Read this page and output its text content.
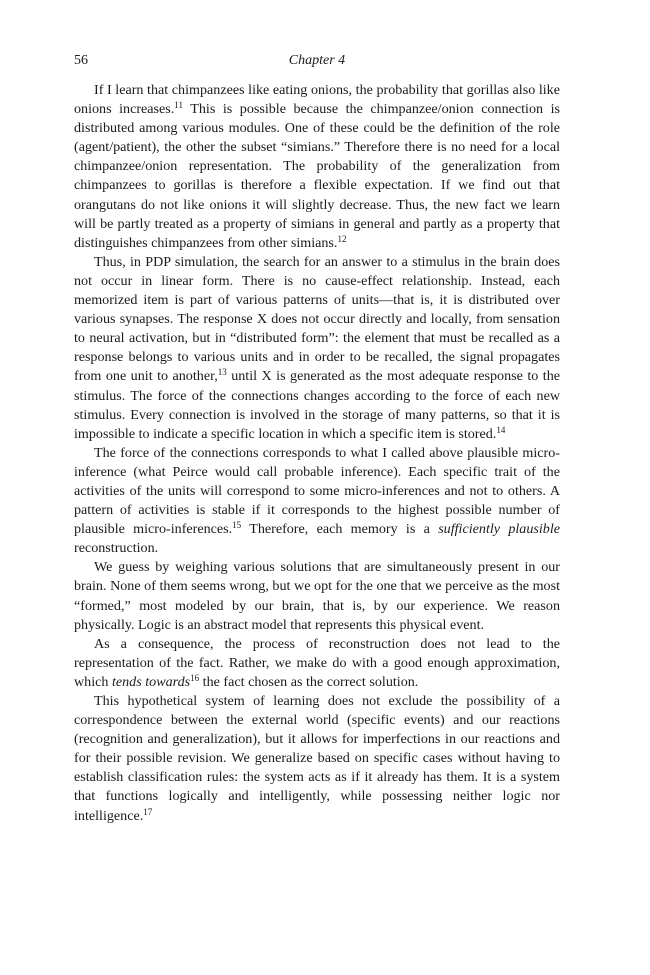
56	Chapter 4

If I learn that chimpanzees like eating onions, the probability that gorillas also like onions increases.$^{11}$ This is possible because the chimpanzee/onion connection is distributed among various modules. One of these could be the definition of the role (agent/patient), the other the subset “simians.” Therefore there is no need for a local chimpanzee/onion representation. The probability of the generalization from chimpanzees to gorillas is therefore a flexible expectation. If we find out that orangutans do not like onions it will slightly decrease. Thus, the new fact we learn will be partly treated as a property of simians in general and partly as a property that distinguishes chimpanzees from other simians.$^{12}$

Thus, in PDP simulation, the search for an answer to a stimulus in the brain does not occur in linear form. There is no cause-effect relationship. Instead, each memorized item is part of various patterns of units—that is, it is distributed over various synapses. The response X does not occur directly and locally, from sensation to neural activation, but in “distributed form”: the element that must be recalled as a response belongs to various units and in order to be recalled, the signal propagates from one unit to another,$^{13}$ until X is generated as the most adequate response to the stimulus. The force of the connections changes according to the force of each new stimulus. Every connection is involved in the storage of many patterns, so that it is impossible to indicate a specific location in which a specific item is stored.$^{14}$

The force of the connections corresponds to what I called above plausible micro-inference (what Peirce would call probable inference). Each specific trait of the activities of the units will correspond to some micro-inferences and not to others. A pattern of activities is stable if it corresponds to the highest possible number of plausible micro-inferences.$^{15}$ Therefore, each memory is a sufficiently plausible reconstruction.

We guess by weighing various solutions that are simultaneously present in our brain. None of them seems wrong, but we opt for the one that we perceive as the most “formed,” most modeled by our brain, that is, by our experience. We reason physically. Logic is an abstract model that represents this physical event.

As a consequence, the process of reconstruction does not lead to the representation of the fact. Rather, we make do with a good enough approximation, which tends towards$^{16}$ the fact chosen as the correct solution.

This hypothetical system of learning does not exclude the possibility of a correspondence between the external world (specific events) and our reactions (recognition and generalization), but it allows for imperfections in our reactions and for their possible revision. We generalize based on specific cases without having to establish classification rules: the system acts as if it already has them. It is a system that functions logically and intelligently, while possessing neither logic nor intelligence.$^{17}$
